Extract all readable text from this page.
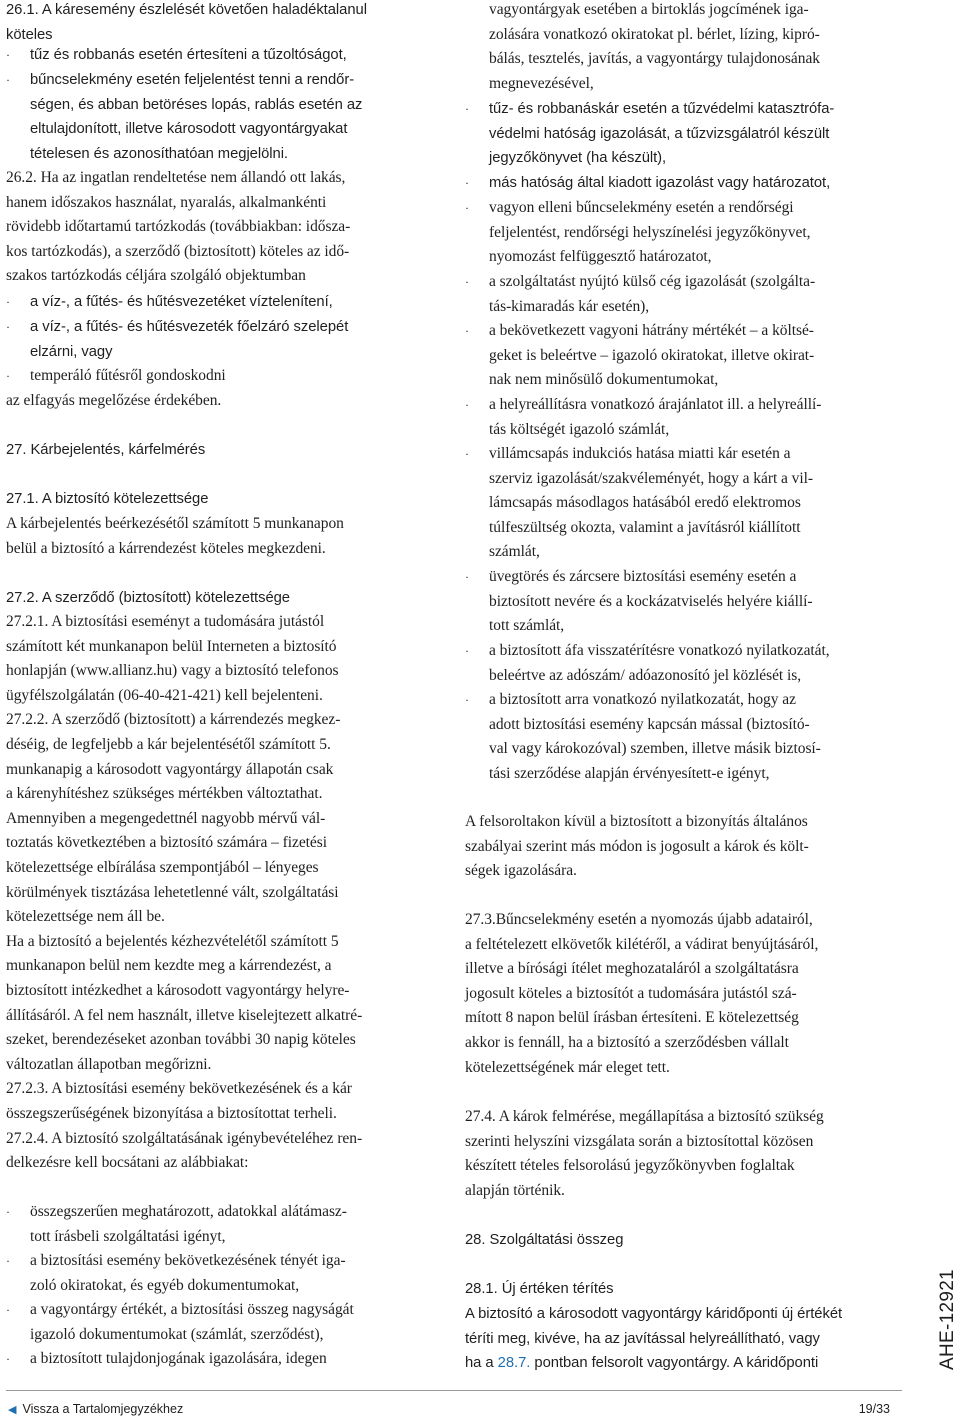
26.1. A káresemény észlelését követően haladéktalanul
köteles
· tűz és robbanás esetén értesíteni a tűzoltóságot,
· bűncselekmény esetén feljelentést tenni a rendőr-
ségen, és abban betöréses lopás, rablás esetén az
eltulajdonított, illetve károsodott vagyontárgyakat
tételesen és azonosíthatóan megjelölni.
26.2. Ha az ingatlan rendeltetése nem állandó ott lakás,
hanem időszakos használat, nyaralás, alkalmankénti
rövidebb időtartamú tartózkodás (továbbiakban: idősza-
kos tartózkodás), a szerződő (biztosított) köteles az idő-
szakos tartózkodás céljára szolgáló objektumban
· a víz-, a fűtés- és hűtésvezetéket víztelenítení,
· a víz-, a fűtés- és hűtésvezeték főelzáró szelepét
elzárni, vagy
· temperáló fűtésről gondoskodni
az elfagyás megelőzése érdekében.
27. Kárbejelentés, kárfelmérés
27.1. A biztosító kötelezettsége
A kárbejelentés beérkezésétől számított 5 munkanapon
belül a biztosító a kárrendezést köteles megkezdeni.
27.2. A szerződő (biztosított) kötelezettsége
27.2.1. A biztosítási eseményt a tudomására jutástól
számított két munkanapon belül Interneten a biztosító
honlapján (www.allianz.hu) vagy a biztosító telefonos
ügyfélszolgálatán (06-40-421-421) kell bejelenteni.
27.2.2. A szerződő (biztosított) a kárrendezés megkez-
déséig, de legfeljebb a kár bejelentésétől számított 5.
munkanapig a károsodott vagyontárgy állapotán csak
a kárenyhítéshez szükséges mértékben változtathat.
Amennyiben a megengedettnél nagyobb mérvű vál-
toztatás következtében a biztosító számára – fizetési
kötelezettsége elbírálása szempontjából – lényeges
körülmények tisztázása lehetetlenné vált, szolgáltatási
kötelezettsége nem áll be.
Ha a biztosító a bejelentés kézhezvételétől számított 5
munkanapon belül nem kezdte meg a kárrendezést, a
biztosított intézkedhet a károsodott vagyontárgy helyre-
állításáról. A fel nem használt, illetve kiselejtezett alkatré-
szeket, berendezéseket azonban további 30 napig köteles
változatlan állapotban megőrizni.
27.2.3. A biztosítási esemény bekövetkezésének és a kár
összegszerűségének bizonyítása a biztosítottat terheli.
27.2.4. A biztosító szolgáltatásának igénybevételéhez ren-
delkezésre kell bocsátani az alábbiakat:
· összegszerűen meghatározott, adatokkal alátámasz-
tott írásbeli szolgáltatási igényt,
· a biztosítási esemény bekövetkezésének tényét iga-
zoló okiratokat, és egyéb dokumentumokat,
· a vagyontárgy értékét, a biztosítási összeg nagyságát
igazoló dokumentumokat (számlát, szerződést),
· a biztosított tulajdonjogának igazolására, idegen
vagyontárgyak esetében a birtoklás jogcímének iga-
zolására vonatkozó okiratokat pl. bérlet, lízing, kipró-
bálás, tesztelés, javítás, a vagyontárgy tulajdonosának
megnevezésével,
· tűz- és robbanáskár esetén a tűzvédelmi katasztrófa-
védelmi hatóság igazolását, a tűzvizsgálatról készült
jegyzőkönyvet (ha készült),
· más hatóság által kiadott igazolást vagy határozatot,
· vagyon elleni bűncselekmény esetén a rendőrségi
feljelentést, rendőrségi helyszínelési jegyzőkönyvet,
nyomozást felfüggesztő határozatot,
· a szolgáltatást nyújtó külső cég igazolását (szolgálta-
tás-kimaradás kár esetén),
· a bekövetkezett vagyoni hátrány mértékét – a költsé-
geket is beleértve – igazoló okiratokat, illetve okirat-
nak nem minősülő dokumentumokat,
· a helyreállításra vonatkozó árajánlatot ill. a helyreállí-
tás költségét igazoló számlát,
· villámcsapás indukciós hatása miatti kár esetén a
szerviz igazolását/szakvéleményét, hogy a kárt a vil-
lámcsapás másodlagos hatásából eredő elektromos
túlfeszültség okozta, valamint a javításról kiállított
számlát,
· üvegtörés és zárcsere biztosítási esemény esetén a
biztosított nevére és a kockázatviselés helyére kiállí-
tott számlát,
· a biztosított áfa visszatérítésre vonatkozó nyilatkozatát,
beleértve az adószám/ adóazonosító jel közlését is,
· a biztosított arra vonatkozó nyilatkozatát, hogy az
adott biztosítási esemény kapcsán mással (biztosító-
val vagy károkozóval) szemben, illetve másik biztosí-
tási szerződése alapján érvényesített-e igényt,
A felsoroltakon kívül a biztosított a bizonyítás általános
szabályai szerint más módon is jogosult a károk és költ-
ségek igazolására.
27.3.Bűncselekmény esetén a nyomozás újabb adatairól,
a feltételezett elkövetők kilétéről, a vádirat benyújtásáról,
illetve a bírósági ítélet meghozataláról a szolgáltatásra
jogosult köteles a biztosítót a tudomására jutástól szá-
mított 8 napon belül írásban értesíteni. E kötelezettség
akkor is fennáll, ha a biztosító a szerződésben vállalt
kötelezettségének már eleget tett.
27.4. A károk felmérése, megállapítása a biztosító szükség
szerinti helyszíni vizsgálata során a biztosítottal közösen
készített tételes felsorolású jegyzőkönyvben foglaltak
alapján történik.
28. Szolgáltatási összeg
28.1. Új értéken térítés
A biztosító a károsodott vagyontárgy káridőponti új értékét
téríti meg, kivéve, ha az javítással helyreállítható, vagy
ha a 28.7. pontban felsorolt vagyontárgy. A káridőponti	AHE-12921
◀ Vissza a Tartalomjegyzékhez	19/33
